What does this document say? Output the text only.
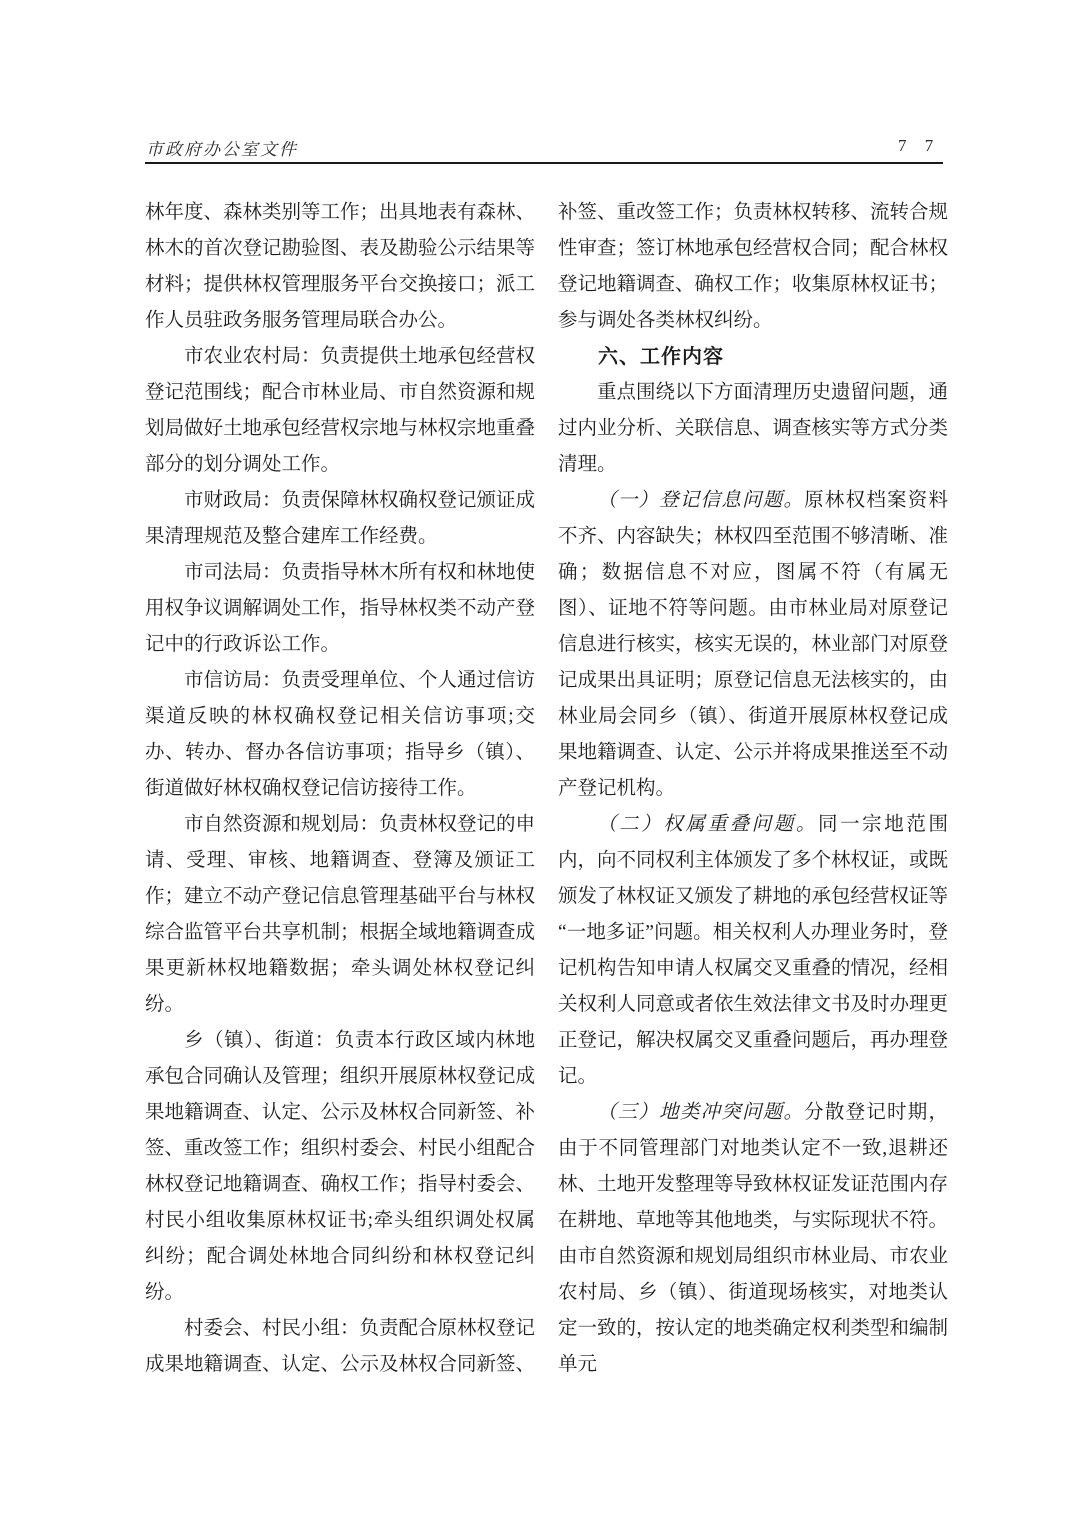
市政府办公室文件	7 7

林年度、森林类别等工作；出具地表有森林、林木的首次登记勘验图、表及勘验公示结果等材料；提供林权管理服务平台交换接口；派工作人员驻政务服务管理局联合办公。

市农业农村局：负责提供土地承包经营权登记范围线；配合市林业局、市自然资源和规划局做好土地承包经营权宗地与林权宗地重叠部分的划分调处工作。

市财政局：负责保障林权确权登记颁证成果清理规范及整合建库工作经费。

市司法局：负责指导林木所有权和林地使用权争议调解调处工作，指导林权类不动产登记中的行政诉讼工作。

市信访局：负责受理单位、个人通过信访渠道反映的林权确权登记相关信访事项;交办、转办、督办各信访事项；指导乡（镇）、街道做好林权确权登记信访接待工作。

市自然资源和规划局：负责林权登记的申请、受理、审核、地籍调查、登簿及颁证工作；建立不动产登记信息管理基础平台与林权综合监管平台共享机制；根据全域地籍调查成果更新林权地籍数据；牵头调处林权登记纠纷。

乡（镇）、街道：负责本行政区域内林地承包合同确认及管理；组织开展原林权登记成果地籍调查、认定、公示及林权合同新签、补签、重改签工作；组织村委会、村民小组配合林权登记地籍调查、确权工作；指导村委会、村民小组收集原林权证书;牵头组织调处权属纠纷；配合调处林地合同纠纷和林权登记纠纷。

村委会、村民小组：负责配合原林权登记成果地籍调查、认定、公示及林权合同新签、

补签、重改签工作；负责林权转移、流转合规性审查；签订林地承包经营权合同；配合林权登记地籍调查、确权工作；收集原林权证书；参与调处各类林权纠纷。

六、工作内容

重点围绕以下方面清理历史遗留问题，通过内业分析、关联信息、调查核实等方式分类清理。

（一）登记信息问题。原林权档案资料不齐、内容缺失；林权四至范围不够清晰、准确；数据信息不对应，图属不符（有属无图）、证地不符等问题。由市林业局对原登记信息进行核实，核实无误的，林业部门对原登记成果出具证明；原登记信息无法核实的，由林业局会同乡（镇）、街道开展原林权登记成果地籍调查、认定、公示并将成果推送至不动产登记机构。

（二）权属重叠问题。同一宗地范围内，向不同权利主体颁发了多个林权证，或既颁发了林权证又颁发了耕地的承包经营权证等“一地多证”问题。相关权利人办理业务时，登记机构告知申请人权属交叉重叠的情况，经相关权利人同意或者依生效法律文书及时办理更正登记，解决权属交叉重叠问题后，再办理登记。

（三）地类冲突问题。分散登记时期，由于不同管理部门对地类认定不一致,退耕还林、土地开发整理等导致林权证发证范围内存在耕地、草地等其他地类，与实际现状不符。由市自然资源和规划局组织市林业局、市农业农村局、乡（镇）、街道现场核实，对地类认定一致的，按认定的地类确定权利类型和编制单元
